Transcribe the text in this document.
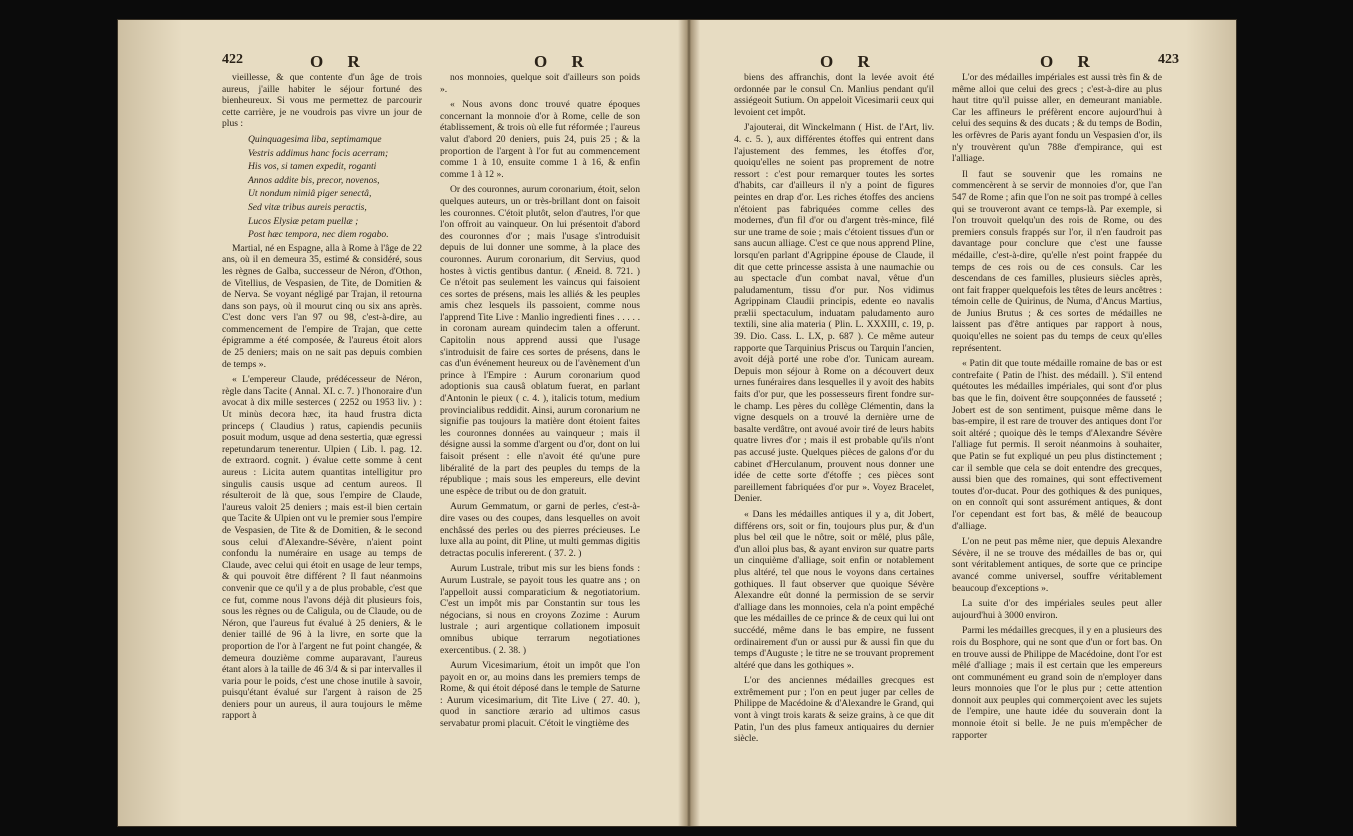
422	O R	O R	O R	O R	423

vieillesse, & que contente d'un âge de trois aureus, j'aille habiter le séjour fortuné des bienheureux. Si vous me permettez de parcourir cette carrière, je ne voudrois pas vivre un jour de plus :

Quinquagesima liba, septimamque

Vestris addimus hanc focis acerram;

His vos, si tamen expedit, roganti

Annos addite bis, precor, novenos,

Ut nondum nimiâ piger senectâ,

Sed vitæ tribus aureis peractis,

Lucos Elysiæ petam puellæ ;

Post hæc tempora, nec diem rogabo.

Martial, né en Espagne, alla à Rome à l'âge de 22 ans, où il en demeura 35, estimé & considéré, sous les règnes de Galba, successeur de Néron, d'Othon, de Vitellius, de Vespasien, de Tite, de Domitien & de Nerva. Se voyant négligé par Trajan, il retourna dans son pays, où il mourut cinq ou six ans après. C'est donc vers l'an 97 ou 98, c'est-à-dire, au commencement de l'empire de Trajan, que cette épigramme a été composée, & l'aureus étoit alors de 25 deniers; mais on ne sait pas depuis combien de temps ».

« L'empereur Claude, prédécesseur de Néron, règle dans Tacite ( Annal. XI. c. 7. ) l'honoraire d'un avocat à dix mille sesterces ( 2252 ou 1953 liv. ) : Ut minùs decora hæc, ita haud frustra dicta princeps ( Claudius ) ratus, capiendis pecuniis posuit modum, usque ad dena sestertia, quæ egressi repetundarum tenerentur. Ulpien ( Lib. l. pag. 12. de extraord. cognit. ) évalue cette somme à cent aureus : Licita autem quantitas intelligitur pro singulis causis usque ad centum aureos. Il résulteroit de là que, sous l'empire de Claude, l'aureus valoit 25 deniers ; mais est-il bien certain que Tacite & Ulpien ont vu le premier sous l'empire de Vespasien, de Tite & de Domitien, & le second sous celui d'Alexandre-Sévère, n'aient point confondu la numéraire en usage au temps de Claude, avec celui qui étoit en usage de leur temps, & qui pouvoit être différent ? Il faut néanmoins convenir que ce qu'il y a de plus probable, c'est que ce fut, comme nous l'avons déjà dit plusieurs fois, sous les règnes ou de Caligula, ou de Claude, ou de Néron, que l'aureus fut évalué à 25 deniers, & le denier taillé de 96 à la livre, en sorte que la proportion de l'or à l'argent ne fut point changée, & demeura douzième comme auparavant, l'aureus étant alors à la taille de 46 3/4 & si par intervalles il varia pour le poids, c'est une chose inutile à savoir, puisqu'étant évalué sur l'argent à raison de 25 deniers pour un aureus, il aura toujours le même rapport à

nos monnoies, quelque soit d'ailleurs son poids ».

« Nous avons donc trouvé quatre époques concernant la monnoie d'or à Rome, celle de son établissement, & trois où elle fut réformée ; l'aureus valut d'abord 20 deniers, puis 24, puis 25 ; & la proportion de l'argent à l'or fut au commencement comme 1 à 10, ensuite comme 1 à 16, & enfin comme 1 à 12 ».

Or des couronnes, aurum coronarium, étoit, selon quelques auteurs, un or très-brillant dont on faisoit les couronnes. C'étoit plutôt, selon d'autres, l'or que l'on offroit au vainqueur. On lui présentoit d'abord des couronnes d'or ; mais l'usage s'introduisit depuis de lui donner une somme, à la place des couronnes. Aurum coronarium, dit Servius, quod hostes à victis gentibus dantur. ( Æneid. 8. 721. ) Ce n'étoit pas seulement les vaincus qui faisoient ces sortes de présens, mais les alliés & les peuples amis chez lesquels ils passoient, comme nous l'apprend Tite Live : Manlio ingredienti fines . . . . . in coronam auream quindecim talen a offerunt. Capitolin nous apprend aussi que l'usage s'introduisit de faire ces sortes de présens, dans le cas d'un événement heureux ou de l'avènement d'un prince à l'Empire : Aurum coronarium quod adoptionis sua causâ oblatum fuerat, en parlant d'Antonin le pieux ( c. 4. ), italicis totum, medium provincialibus reddidit. Ainsi, aurum coronarium ne signifie pas toujours la matière dont étoient faites les couronnes données au vainqueur ; mais il désigne aussi la somme d'argent ou d'or, dont on lui faisoit présent : elle n'avoit été qu'une pure libéralité de la part des peuples du temps de la république ; mais sous les empereurs, elle devint une espèce de tribut ou de don gratuit.

Aurum Gemmatum, or garni de perles, c'est-à-dire vases ou des coupes, dans lesquelles on avoit enchâssé des perles ou des pierres précieuses. Le luxe alla au point, dit Pline, ut multi gemmas digitis detractas poculis infererent. ( 37. 2. )

Aurum Lustrale, tribut mis sur les biens fonds : Aurum Lustrale, se payoit tous les quatre ans ; on l'appelloit aussi comparaticium & negotiatorium. C'est un impôt mis par Constantin sur tous les négocians, si nous en croyons Zozime : Aurum lustrale ; auri argentique collationem imposuit omnibus ubique terrarum negotiationes exercentibus. ( 2. 38. )

Aurum Vicesimarium, étoit un impôt que l'on payoit en or, au moins dans les premiers temps de Rome, & qui étoit déposé dans le temple de Saturne : Aurum vicesimarium, dit Tite Live ( 27. 40. ), quod in sanctiore ærario ad ultimos casus servabatur promi placuit. C'étoit le vingtième des

biens des affranchis, dont la levée avoit été ordonnée par le consul Cn. Manlius pendant qu'il assiégeoit Sutium. On appeloit Vicesimarii ceux qui levoient cet impôt.

J'ajouterai, dit Winckelmann ( Hist. de l'Art, liv. 4. c. 5. ), aux différentes étoffes qui entrent dans l'ajustement des femmes, les étoffes d'or, quoiqu'elles ne soient pas proprement de notre ressort : c'est pour remarquer toutes les sortes d'habits, car d'ailleurs il n'y a point de figures peintes en drap d'or. Les riches étoffes des anciens n'étoient pas fabriquées comme celles des modernes, d'un fil d'or ou d'argent très-mince, filé sur une trame de soie ; mais c'étoient tissues d'un or sans aucun alliage. C'est ce que nous apprend Pline, lorsqu'en parlant d'Agrippine épouse de Claude, il dit que cette princesse assista à une naumachie ou au spectacle d'un combat naval, vêtue d'un paludamentum, tissu d'or pur. Nos vidimus Agrippinam Claudii principis, edente eo navalis prælii spectaculum, induatam paludamento auro textili, sine alia materia ( Plin. L. XXXIII, c. 19, p. 39. Dio. Cass. L. LX, p. 687 ). Ce même auteur rapporte que Tarquinius Priscus ou Tarquin l'ancien, avoit déjà porté une robe d'or. Tunicam auream. Depuis mon séjour à Rome on a découvert deux urnes funéraires dans lesquelles il y avoit des habits faits d'or pur, que les possesseurs firent fondre sur-le champ. Les pères du collège Clémentin, dans la vigne desquels on a trouvé la dernière urne de basalte verdâtre, ont avoué avoir tiré de leurs habits quatre livres d'or ; mais il est probable qu'ils n'ont pas accusé juste. Quelques pièces de galons d'or du cabinet d'Herculanum, prouvent nous donner une idée de cette sorte d'étoffe ; ces pièces sont pareillement fabriquées d'or pur ». Voyez Bracelet, Denier.

« Dans les médailles antiques il y a, dit Jobert, différens ors, soit or fin, toujours plus pur, & d'un plus bel œil que le nôtre, soit or mêlé, plus pâle, d'un alloi plus bas, & ayant environ sur quatre parts un cinquième d'alliage, soit enfin or notablement plus altéré, tel que nous le voyons dans certaines gothiques. Il faut observer que quoique Sévère Alexandre eût donné la permission de se servir d'alliage dans les monnoies, cela n'a point empêché que les médailles de ce prince & de ceux qui lui ont succédé, même dans le bas empire, ne fussent ordinairement d'un or aussi pur & aussi fin que du temps d'Auguste ; le titre ne se trouvant proprement altéré que dans les gothiques ».

L'or des anciennes médailles grecques est extrêmement pur ; l'on en peut juger par celles de Philippe de Macédoine & d'Alexandre le Grand, qui vont à vingt trois karats & seize grains, à ce que dit Patin, l'un des plus fameux antiquaires du dernier siècle.

L'or des médailles impériales est aussi très fin & de même alloi que celui des grecs ; c'est-à-dire au plus haut titre qu'il puisse aller, en demeurant maniable. Car les affineurs le préfèrent encore aujourd'hui à celui des sequins & des ducats ; & du temps de Bodin, les orfèvres de Paris ayant fondu un Vespasien d'or, ils n'y trouvèrent qu'un 788e d'empirance, qui est l'alliage.

Il faut se souvenir que les romains ne commencèrent à se servir de monnoies d'or, que l'an 547 de Rome ; afin que l'on ne soit pas trompé à celles qui se trouveront avant ce temps-là. Par exemple, si l'on trouvoit quelqu'un des rois de Rome, ou des premiers consuls frappés sur l'or, il n'en faudroit pas davantage pour conclure que c'est une fausse médaille, c'est-à-dire, qu'elle n'est point frappée du temps de ces rois ou de ces consuls. Car les descendans de ces familles, plusieurs siècles après, ont fait frapper quelquefois les têtes de leurs ancêtres : témoin celle de Quirinus, de Numa, d'Ancus Martius, de Junius Brutus ; & ces sortes de médailles ne laissent pas d'être antiques par rapport à nous, quoiqu'elles ne soient pas du temps de ceux qu'elles représentent.

« Patin dit que toute médaille romaine de bas or est contrefaite ( Patin de l'hist. des médaill. ). S'il entend quétoutes les médailles impériales, qui sont d'or plus bas que le fin, doivent être soupçonnées de fausseté ; Jobert est de son sentiment, puisque même dans le bas-empire, il est rare de trouver des antiques dont l'or soit altéré ; quoique dès le temps d'Alexandre Sévère l'alliage fut permis. Il seroit néanmoins à souhaiter, que Patin se fut expliqué un peu plus distinctement ; car il semble que cela se doit entendre des grecques, aussi bien que des romaines, qui sont effectivement toutes d'or-ducat. Pour des gothiques & des puniques, on en connoît qui sont assurément antiques, & dont l'or cependant est fort bas, & mêlé de beaucoup d'alliage.

L'on ne peut pas même nier, que depuis Alexandre Sévère, il ne se trouve des médailles de bas or, qui sont véritablement antiques, de sorte que ce principe avancé comme universel, souffre véritablement beaucoup d'exceptions ».

La suite d'or des impériales seules peut aller aujourd'hui à 3000 environ.

Parmi les médailles grecques, il y en a plusieurs des rois du Bosphore, qui ne sont que d'un or fort bas. On en trouve aussi de Philippe de Macédoine, dont l'or est mêlé d'alliage ; mais il est certain que les empereurs ont communément eu grand soin de n'employer dans leurs monnoies que l'or le plus pur ; cette attention donnoit aux peuples qui commerçoient avec les sujets de l'empire, une haute idée du souverain dont la monnoie étoit si belle. Je ne puis m'empêcher de rapporter
